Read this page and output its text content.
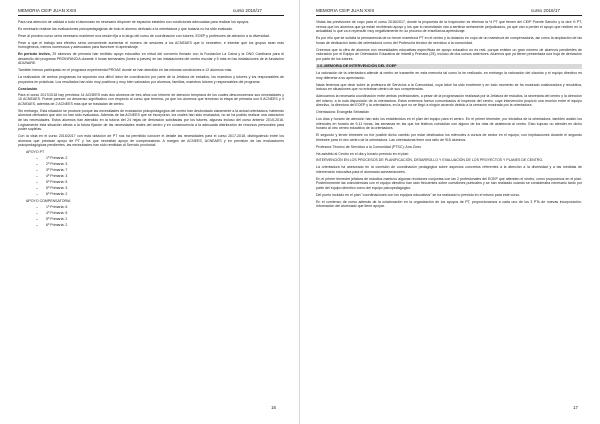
MEMORIA CEIP JUAN XXIII	curso 2016/17

Para una atención de calidad a todo el alumnado es necesario disponer de espacios estables con condiciones adecuadas para realizar los apoyos.

Es necesario realizar las evaluaciones psicopedagógicas de todo el alumno derivado a la orientadora y que todavía no ha sido evaluado.

Pese al próximo curso sería necesario mantener una sesión fija a lo largo del curso de coordinación con tutores, EOEP y profesores de atención a la diversidad.

Pese a que el trabajo sea efectivo sería conveniente aumentar el número de sesiones a los ACNEAES que lo necesiten, e intentar que los grupos sean más homogéneos, menos numerosos y adecuados para favorecer el aprendizaje.

En periodo lectivo, 29 alumnos de primaria han recibido apoyo educativo en virtud del convenio firmado con la Fundación La Caixa y la ONG Cardhana para el desarrollo del programa PROINFANCIA durante 4 horas semanales (lunes a jueves) en las instalaciones del centro escolar y 5 más en las instalaciones de la fundación ADUNARE.

También hemos participado en el programa experimental PROAE donde se han atendido en las mismas condiciones a 12 alumnos más.

La realización de ambos programas ha supuesto una difícil labor de coordinación por parte de la Jefatura de estudios, los maestros y tutores y los responsables de proyectos en prácticas. Los resultados han sido muy positivos y muy bien valorados por alumnos, familias, maestros tutores y responsables del programa.

Conclusión

Para el curso 2017/2018 hay previstos 14 ACNEES más dos alumnos de tres años con informe de atención temprana de los cuales desconocemos sus necesidades y 10 ACNEAES. Puede parecer un descenso significativo con respecto al curso que termina, ya que los alumnos que terminan la etapa de primaria son 5 ACNEES y 4 ACNEAES, además de 2 ACNEES más que se trasladan de centro.

Sin embargo, Esta situación se produce porque las necesidades de evaluación psicopedagógica del centro han desbordado claramente a la actual orientadora, habiendo alumnos derivados que aún no han sido evaluados. Además de las ACNEES que se incorporan, los cuales han sido evaluados, no se ha podido realizar una valoración de las necesidades. Estos alumnos han atendido en la tutoría del 24 hejas de derivación solicitadas por los tutores, algunas incluso del curso anterior 2015-2016. Lógicamente esta situación afecta a la futura fijación de las necesidades reales del centro y en consecuencia a la adecuada distribución de recursos personales para poder suplirlas.

Con la vista en el curso 2016/2017 con esta dotación de PT nos ha permitido conocer el detalle las necesidades para el curso 2017-2018, distinguiendo entre los alumnos que precisan apoyo de PT y los que necesitan apoyo de compensatoria. A margen de ACNEES, ACNEAES y en previsión de las evaluaciones psicopedagógicas pendientes, las necesidades han sido remitidas al Servicio provincial.

APOYO PT
– 1º Primaria: 2
– 2º Primaria: 3
– 3º Primaria: 7
– 4º Primaria: 3
– 5º Primaria: 5
– 5º Primaria: 3
– 6º Primaria: 2
APOYO COMPENSATORIA
– 1º Primaria: 6
– 4º Primaria: 5
– 5º Primaria: 2
– 6º Primaria: 2
16
MEMORIA CEIP JUAN XXIII	curso 2016/17

Vistas las previsiones de cupo para el curso 2016/2017, donde la propuesta de la Inspección es eliminar la ½ PT que tienen del CEIP Puente Sancho y la otra ½ PT, vemos que los alumnos que ya están recibiendo apoyo y los que lo necesitarán van a sentirse seriamente perjudicados, ya que van a perder el apoyo que reciben en la actualidad lo que va a repercutir muy negativamente en su proceso de enseñanza-aprendizaje.

Es por ello que se solicita la permanencia de un tercer maestro/a PT en el centro y la dotación en cupo de un maestro/a de compensatoria, así como la ampliación de las horas de dedicación tanto del orientador/a como del Profesor/a técnico de servicios a la comunidad.

Creemos que la cifra de alumnos con necesidades educativas específicas de apoyo educativo no es real, porque existen un gran número de alumnos pendientes de valoración por el Equipo de Orientación Educativa de Infantil y Primaria (25), incluso de dos cursos anteriores. Alumnos que ya tienen presentada una hoja de derivación por parte de los tutores.

2.6.-MEMORIA DE INTERVENCIÓN DEL EOEP

La valoración de la orientadora atiende al centro se transmite en esta memoria tal como la he realizado, en embargo la valoración del claustro y el equipo directivo es muy diferente a su apreciación.

Nada tenemos que decir sobre la profesora de Servicios a la Comunidad, cuya labor ha sido excelente y en todo momento se ha mostrado colaboradora y resolutiva, incluso en situaciones que no entraban dentro de sus competencias.

Adecuamos la necesaria coordinación entre ambas profesionales, a pesar de la programación realizada por la Jefatura de estudios, la secretaria del centro y la dirección del mismo, a la nula disposición de la orientadora. Estos extremos fueron comunicados al inspector del centro, cuya intervención propició una reunión entre el equipo directivo, la directora del EOEP y la orientadora, en la que no se llegó a ningún acuerdo debido a la cerrazón mostrada por la orientadora.

Orientadora: Evangelia Sebastián

Los días y horario de atención han sido los establecidos en el plan del equipo para el centro. En el primer trimestre, por iniciativa de la orientadora, también asistió los miércoles en horario de 9-11 horas, las semanas en las que los festivos coincidían con alguno de los días de asistencia al centro. Esto supuso no atender en dicho horario al otro centro educativo de la orientadora.

El segundo y tercer trimestre no fue posible dicho cambio por estar destinados los miércoles a cursos de sector en el equipo, con implicaciones durante el segundo trimestre para el otro centro de la orientadora. Las orientadoras tiene una ratio de 915 alumnos.

Profesora Técnico de Servicios a la Comunidad (PTSC): Ana Zurro

Ha asistido al Centro en el día y horario previsto en el plan:

INTERVENCIÓN EN LOS PROCESOS DE PLANIFICACIÓN, DESARROLLO Y EVALUACIÓN DE LOS PROYECTOS Y PLANES DE CENTRO.

La orientadora ha asesorado en la comisión de coordinación pedagógica sobre aspectos concretos referentes a la atención a la diversidad y a las medidas de intervención educativa para el alumnado acneae/acnees.

En el primer trimestre jefatura de estudios mantuvo algunas reuniones conjuntas con las 2 profesionales del EOEP que atienden el centro, como propusimos en el plan. Posteriormente las coincidencias con el equipo directivo han sido frecuentes sobre cuestiones puntuales y se han realizado cuando se consideraba necesario tanto por parte del equipo directivo como del equipo psicopedagógico.

Del punto incluido en el plan "coordinaciones con los equipos educativos" se ha realizado lo previsto en el mismo para este curso.

En el comienzo de curso además de la colaboración en la organización de los apoyos de PT, proporcionamos a cada uno de los 3 PTs de nuevas incorporación, información del alumnado que tiene apoyar.

17
